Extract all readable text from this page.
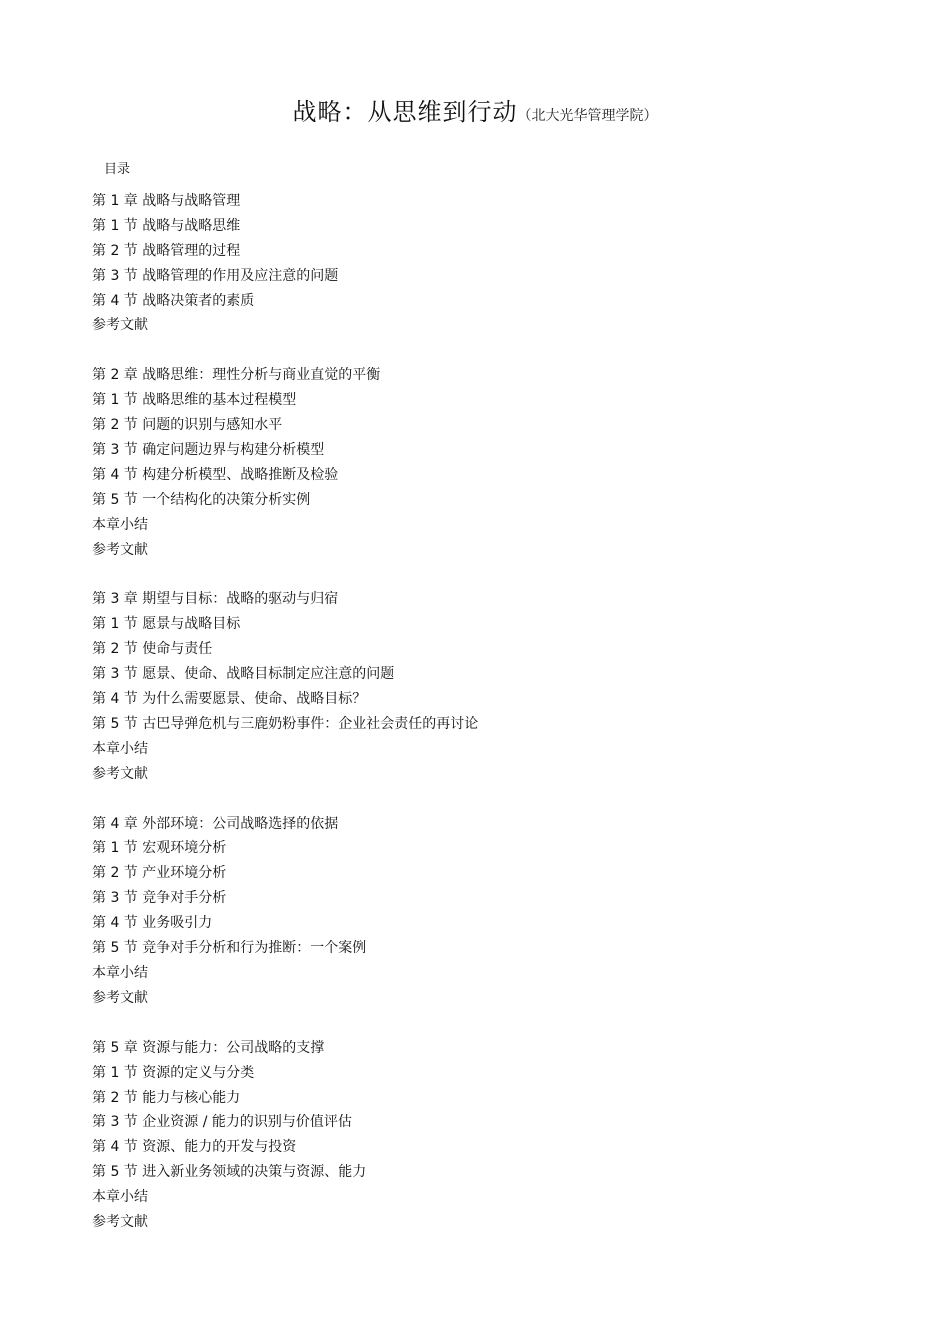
战略：从思维到行动（北大光华管理学院）
目录
第 1 章 战略与战略管理
第 1 节 战略与战略思维
第 2 节 战略管理的过程
第 3 节 战略管理的作用及应注意的问题
第 4 节 战略决策者的素质
参考文献
第 2 章 战略思维：理性分析与商业直觉的平衡
第 1 节 战略思维的基本过程模型
第 2 节 问题的识别与感知水平
第 3 节 确定问题边界与构建分析模型
第 4 节 构建分析模型、战略推断及检验
第 5 节 一个结构化的决策分析实例
本章小结
参考文献
第 3 章 期望与目标：战略的驱动与归宿
第 1 节 愿景与战略目标
第 2 节 使命与责任
第 3 节 愿景、使命、战略目标制定应注意的问题
第 4 节 为什么需要愿景、使命、战略目标？
第 5 节 古巴导弹危机与三鹿奶粉事件：企业社会责任的再讨论
本章小结
参考文献
第 4 章 外部环境：公司战略选择的依据
第 1 节 宏观环境分析
第 2 节 产业环境分析
第 3 节 竞争对手分析
第 4 节 业务吸引力
第 5 节 竞争对手分析和行为推断：一个案例
本章小结
参考文献
第 5 章 资源与能力：公司战略的支撑
第 1 节 资源的定义与分类
第 2 节 能力与核心能力
第 3 节 企业资源 / 能力的识别与价值评估
第 4 节 资源、能力的开发与投资
第 5 节 进入新业务领域的决策与资源、能力
本章小结
参考文献
